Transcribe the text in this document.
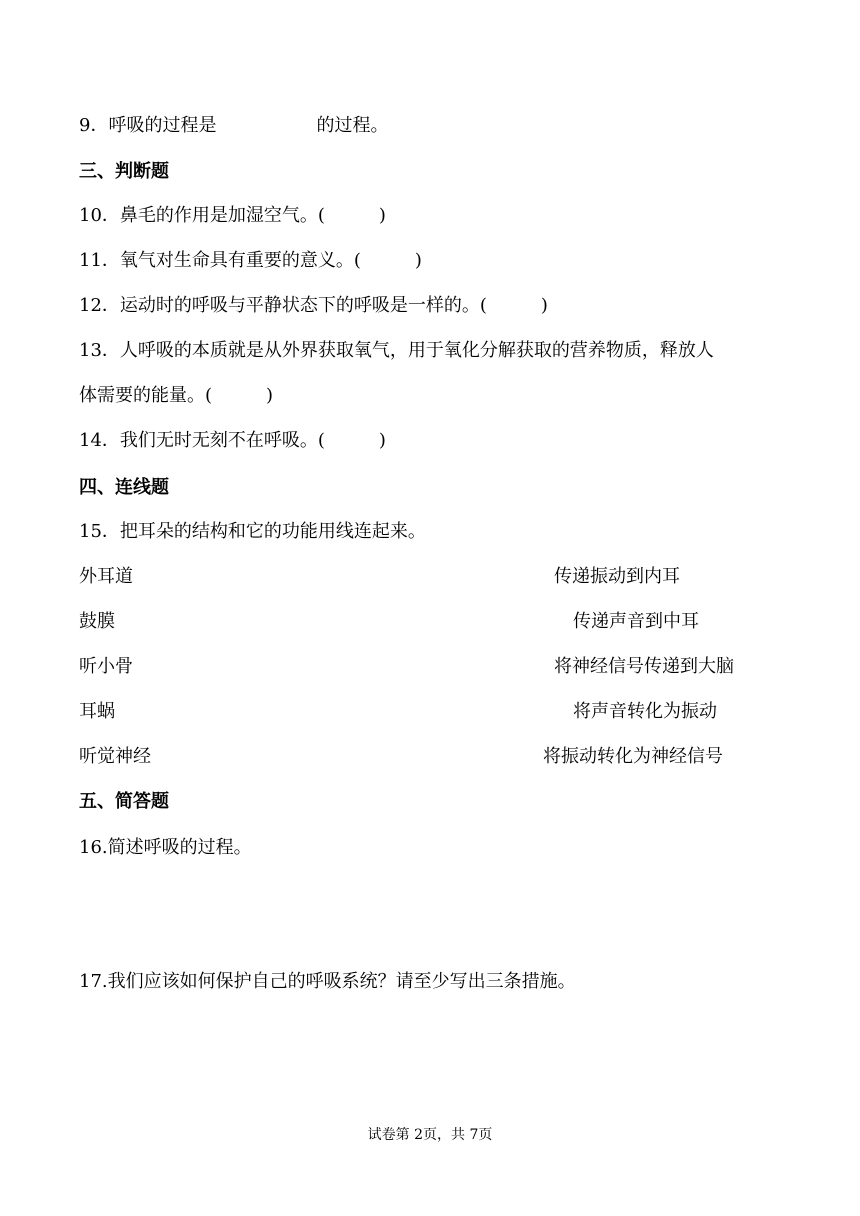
9．呼吸的过程是	的过程。
三、判断题
10．鼻毛的作用是加湿空气。(　　　)
11．氧气对生命具有重要的意义。(　　　)
12．运动时的呼吸与平静状态下的呼吸是一样的。(　　　)
13．人呼吸的本质就是从外界获取氧气，用于氧化分解获取的营养物质，释放人
体需要的能量。(　　　)
14．我们无时无刻不在呼吸。(　　　)
四、连线题
15．把耳朵的结构和它的功能用线连起来。
外耳道	传递振动到内耳
鼓膜	传递声音到中耳
听小骨	将神经信号传递到大脑
耳蜗	将声音转化为振动
听觉神经	将振动转化为神经信号
五、简答题
16.简述呼吸的过程。
17.我们应该如何保护自己的呼吸系统？请至少写出三条措施。
试卷第 2页，共 7页
